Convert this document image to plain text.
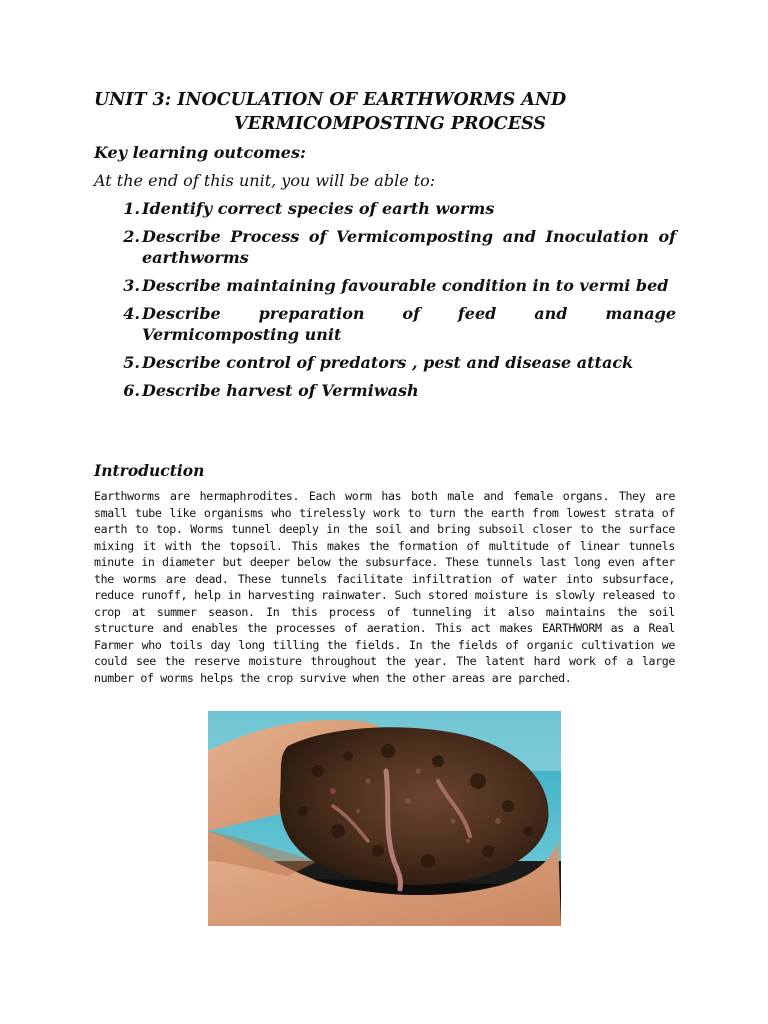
UNIT 3: INOCULATION OF EARTHWORMS AND
VERMICOMPOSTING PROCESS

Key learning outcomes:

At the end of this unit, you will be able to:

1. Identify correct species of earth worms
2. Describe Process of Vermicomposting and Inoculation of earthworms
3. Describe maintaining favourable condition in to vermi bed
4. Describe preparation of feed and manage Vermicomposting unit
5. Describe control of predators , pest and disease attack
6. Describe harvest of Vermiwash
Introduction

Earthworms are hermaphrodites. Each worm has both male and female organs. They are small tube like organisms who tirelessly work to turn the earth from lowest strata of earth to top. Worms tunnel deeply in the soil and bring subsoil closer to the surface mixing it with the topsoil. This makes the formation of multitude of linear tunnels minute in diameter but deeper below the subsurface. These tunnels last long even after the worms are dead. These tunnels facilitate infiltration of water into subsurface, reduce runoff, help in harvesting rainwater. Such stored moisture is slowly released to crop at summer season. In this process of tunneling it also maintains the soil structure and enables the processes of aeration. This act makes EARTHWORM as a Real Farmer who toils day long tilling the fields. In the fields of organic cultivation we could see the reserve moisture throughout the year. The latent hard work of a large number of worms helps the crop survive when the other areas are parched.
